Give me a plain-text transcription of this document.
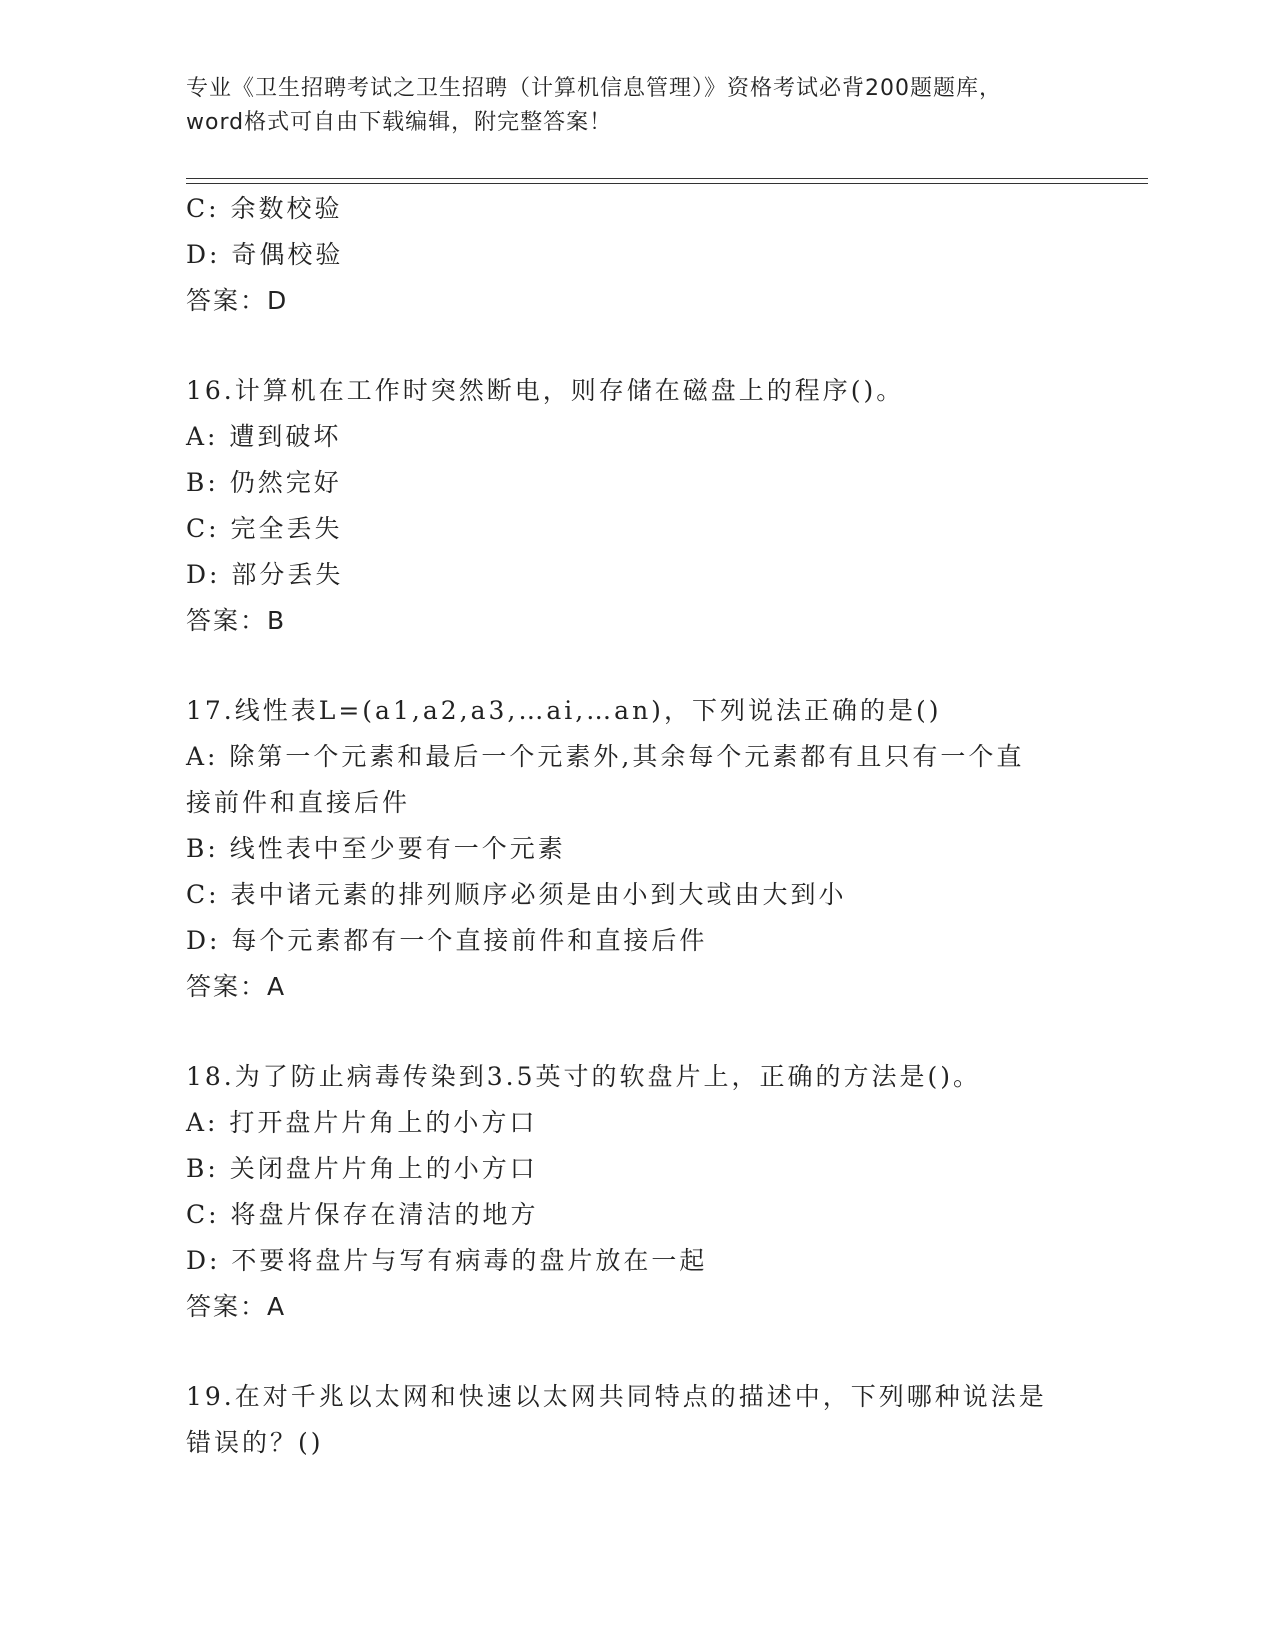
专业《卫生招聘考试之卫生招聘（计算机信息管理）》资格考试必背200题题库，
word格式可自由下载编辑，附完整答案！
C: 余数校验
D: 奇偶校验
答案：D
16.计算机在工作时突然断电，则存储在磁盘上的程序()。
A: 遭到破坏
B: 仍然完好
C: 完全丢失
D: 部分丢失
答案：B
17.线性表L=(a1,a2,a3,…ai,…an)，下列说法正确的是()
A: 除第一个元素和最后一个元素外,其余每个元素都有且只有一个直
接前件和直接后件
B: 线性表中至少要有一个元素
C: 表中诸元素的排列顺序必须是由小到大或由大到小
D: 每个元素都有一个直接前件和直接后件
答案：A
18.为了防止病毒传染到3.5英寸的软盘片上，正确的方法是()。
A: 打开盘片片角上的小方口
B: 关闭盘片片角上的小方口
C: 将盘片保存在清洁的地方
D: 不要将盘片与写有病毒的盘片放在一起
答案：A
19.在对千兆以太网和快速以太网共同特点的描述中，下列哪种说法是
错误的？()
